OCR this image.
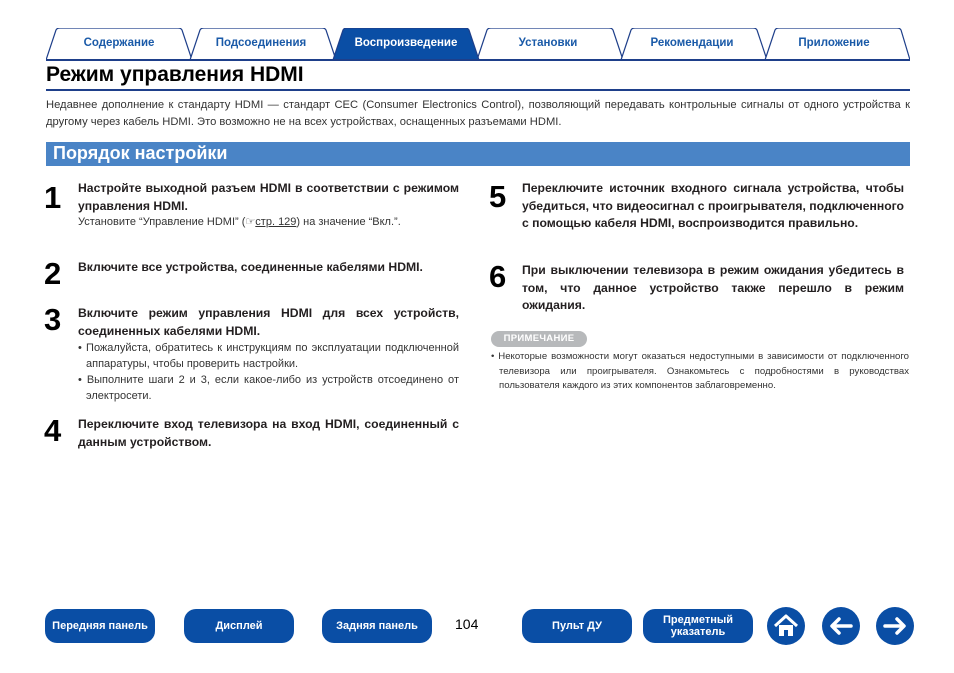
Содержание	Подсоединения	Воспроизведение	Установки	Рекомендации	Приложение
Режим управления HDMI
Недавнее дополнение к стандарту HDMI — стандарт CEC (Consumer Electronics Control), позволяющий передавать контрольные сигналы от одного устройства к другому через кабель HDMI. Это возможно не на всех устройствах, оснащенных разъемами HDMI.
Порядок настройки
1 Настройте выходной разъем HDMI в соответствии с режимом управления HDMI.
Установите “Управление HDMI” (☞стр. 129) на значение “Вкл.”.
2 Включите все устройства, соединенные кабелями HDMI.
3 Включите режим управления HDMI для всех устройств, соединенных кабелями HDMI.
• Пожалуйста, обратитесь к инструкциям по эксплуатации подключенной аппаратуры, чтобы проверить настройки.
• Выполните шаги 2 и 3, если какое-либо из устройств отсоединено от электросети.
4 Переключите вход телевизора на вход HDMI, соединенный с данным устройством.
5 Переключите источник входного сигнала устройства, чтобы убедиться, что видеосигнал с проигрывателя, подключенного с помощью кабеля HDMI, воспроизводится правильно.
6 При выключении телевизора в режим ожидания убедитесь в том, что данное устройство также перешло в режим ожидания.
ПРИМЕЧАНИЕ
• Некоторые возможности могут оказаться недоступными в зависимости от подключенного телевизора или проигрывателя. Ознакомьтесь с подробностями в руководствах пользователя каждого из этих компонентов заблаговременно.
Передняя панель	Дисплей	Задняя панель	104	Пульт ДУ	Предметный указатель
